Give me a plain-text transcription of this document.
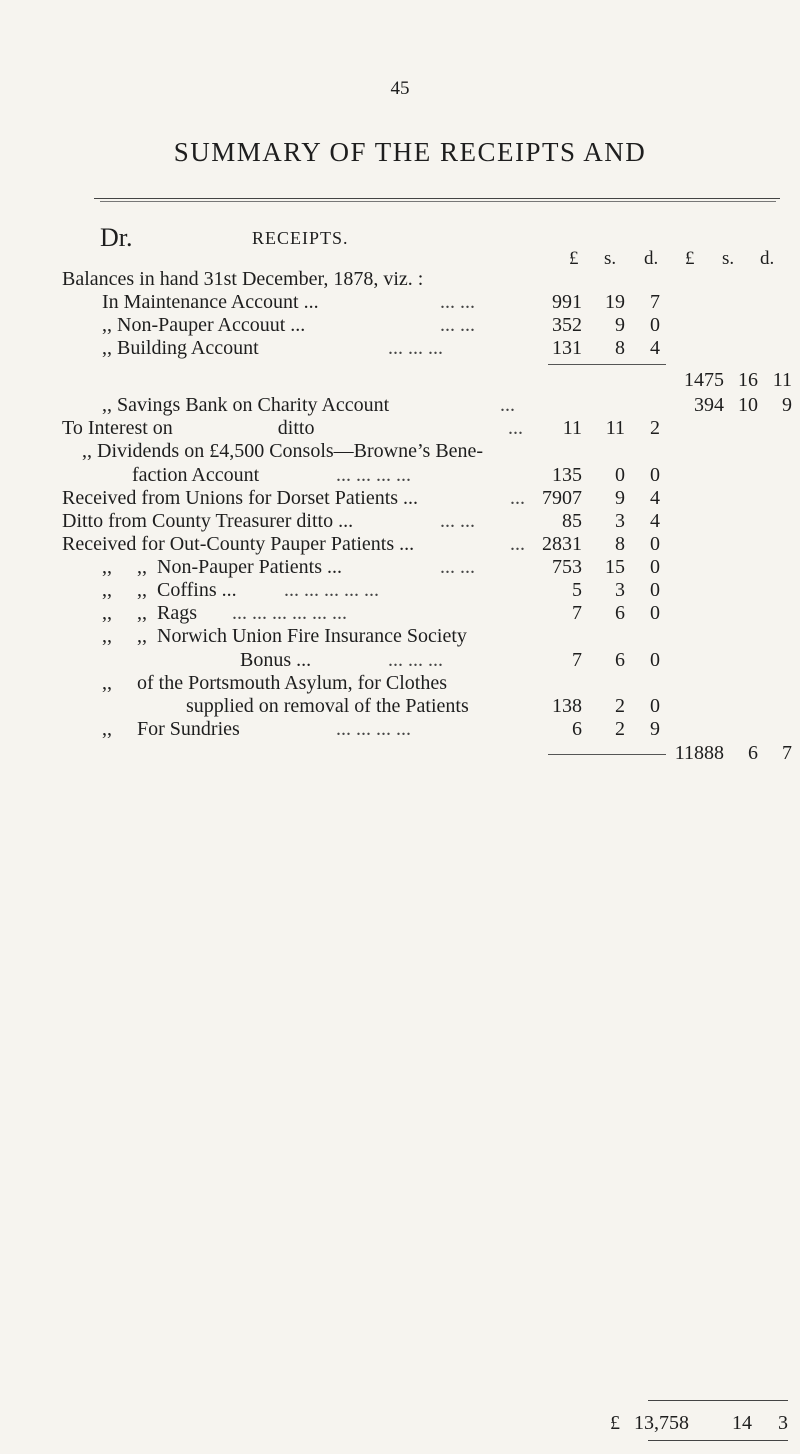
45
SUMMARY OF THE RECEIPTS AND
Dr.	RECEIPTS.
£ s. d. £ s. d.
Balances in hand 31st December, 1878, viz. :
In Maintenance Account ...	... ...	991	19	7
,, Non-Pauper Accouut ...	... ...	352	9	0
,, Building Account	... ... ...	131	8	4
1475 16 11
,, Savings Bank on Charity Account	...	394 10	9
To Interest on                     ditto	...	11	11	2
,, Dividends on £4,500 Consols—Browne’s Bene-
faction Account	... ... ... ...	135	0	0
Received from Unions for Dorset Patients ...	... 7907	9	4
Ditto from County Treasurer ditto ...	... ...	85	3	4
Received for Out-County Pauper Patients ...	... 2831	8	0
,,     ,,  Non-Pauper Patients ...	... ...	753	15	0
,,     ,,  Coffins ... ... ... ... ... ...	5	3	0
,,     ,,  Rags ... ... ... ... ... ...	7	6	0
,,     ,,  Norwich Union Fire Insurance Society
Bonus ...	... ... ...	7	6	0
,,     of the Portsmouth Asylum, for Clothes
supplied on removal of the Patients	138	2	0
,,     For Sundries	... ... ... ...	6	2	9
11888	6	7
£ 13,758 14 3
